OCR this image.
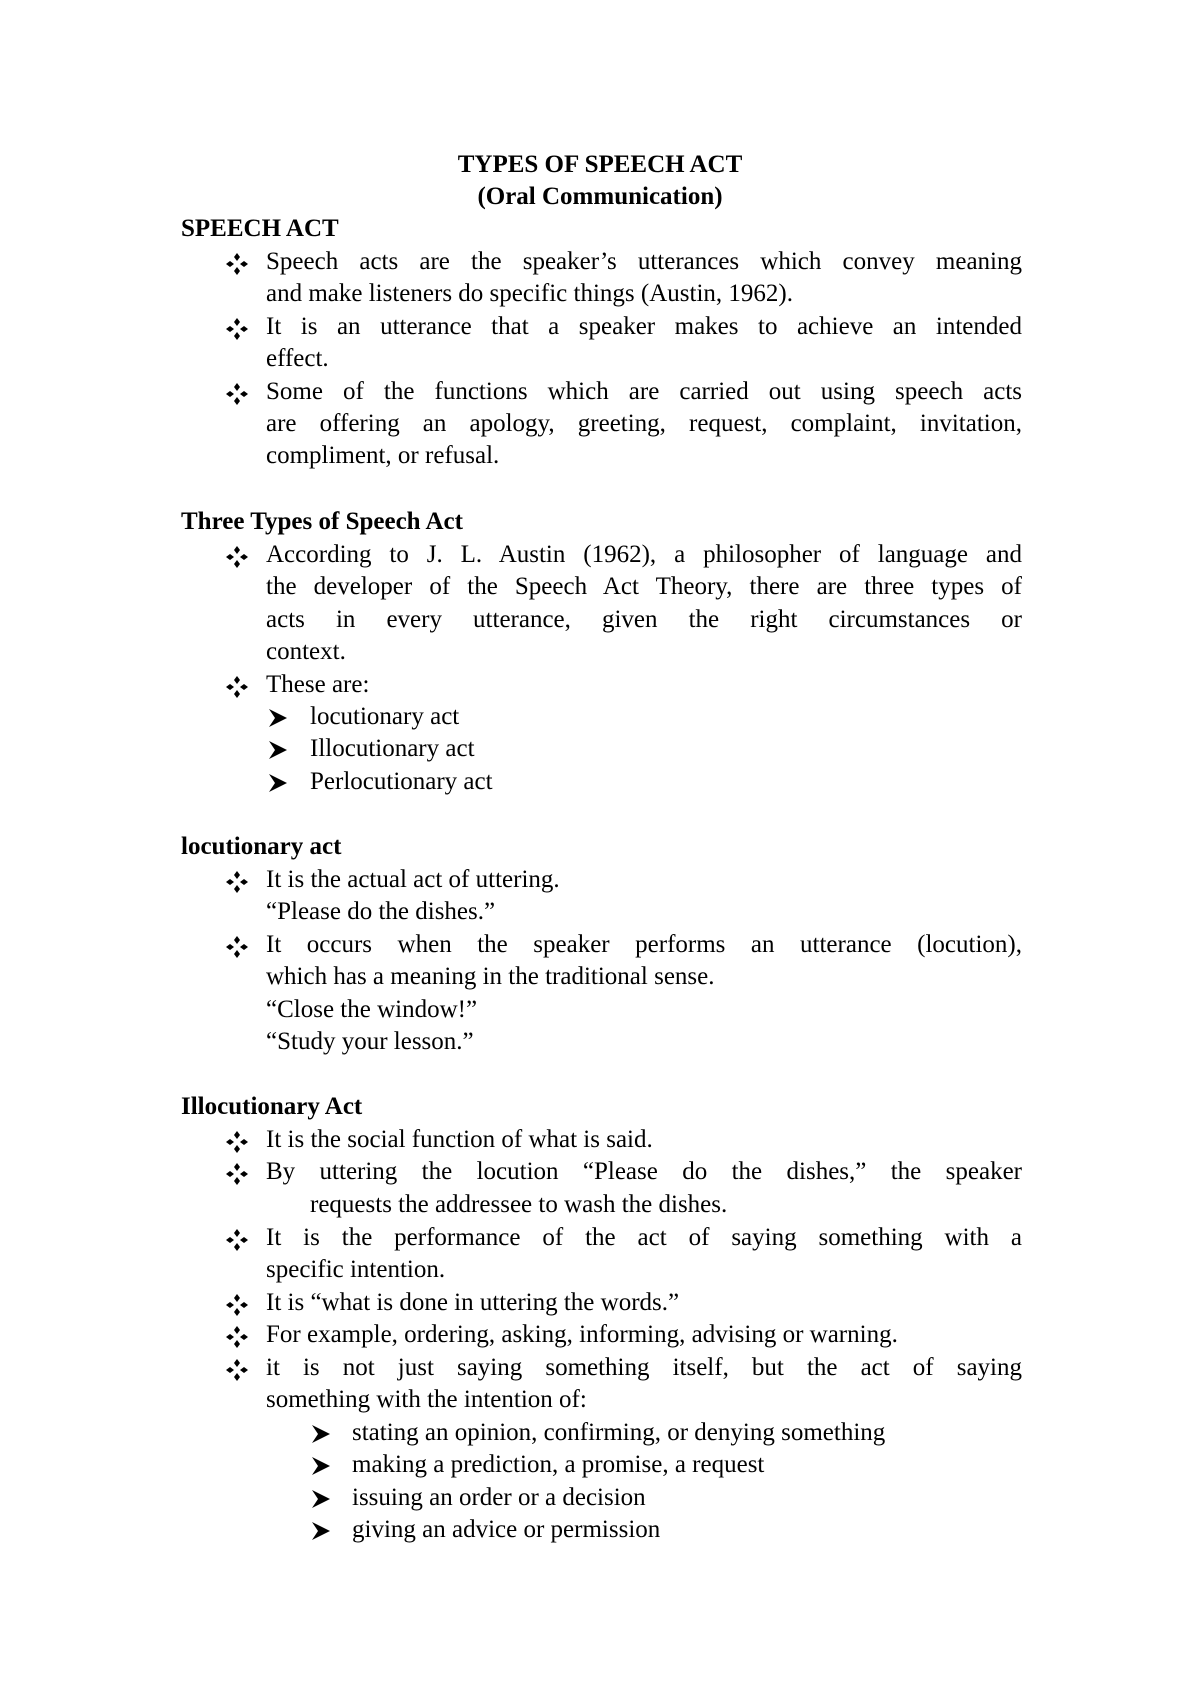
TYPES OF SPEECH ACT
(Oral Communication)
SPEECH ACT
Speech acts are the speaker’s utterances which convey meaning
and make listeners do specific things (Austin, 1962).
It is an utterance that a speaker makes to achieve an intended
effect.
Some of the functions which are carried out using speech acts
are offering an apology, greeting, request, complaint, invitation,
compliment, or refusal.
Three Types of Speech Act
According to J. L. Austin (1962), a philosopher of language and
the developer of the Speech Act Theory, there are three types of
acts in every utterance, given the right circumstances or
context.
These are:
locutionary act
Illocutionary act
Perlocutionary act
locutionary act
It is the actual act of uttering.
“Please do the dishes.”
It occurs when the speaker performs an utterance (locution),
which has a meaning in the traditional sense.
“Close the window!”
“Study your lesson.”
Illocutionary Act
It is the social function of what is said.
By uttering the locution “Please do the dishes,” the speaker
requests the addressee to wash the dishes.
It is the performance of the act of saying something with a
specific intention.
It is “what is done in uttering the words.”
For example, ordering, asking, informing, advising or warning.
it is not just saying something itself, but the act of saying
something with the intention of:
stating an opinion, confirming, or denying something
making a prediction, a promise, a request
issuing an order or a decision
giving an advice or permission
